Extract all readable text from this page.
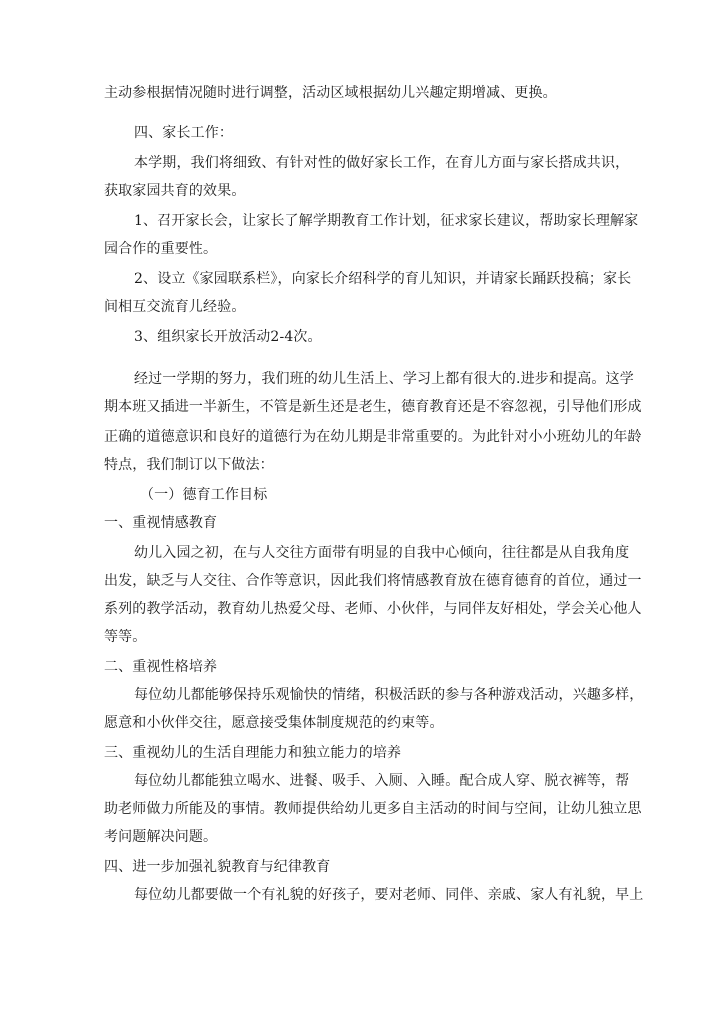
主动参根据情况随时进行调整，活动区域根据幼儿兴趣定期增减、更换。
四、家长工作：
本学期，我们将细致、有针对性的做好家长工作，在育儿方面与家长搭成共识，
获取家园共育的效果。
1、召开家长会，让家长了解学期教育工作计划，征求家长建议，帮助家长理解家
园合作的重要性。
2、设立《家园联系栏》，向家长介绍科学的育儿知识，并请家长踊跃投稿；家长
间相互交流育儿经验。
3、组织家长开放活动2-4次。
经过一学期的努力，我们班的幼儿生活上、学习上都有很大的.进步和提高。这学
期本班又插进一半新生，不管是新生还是老生，德育教育还是不容忽视，引导他们形成
正确的道德意识和良好的道德行为在幼儿期是非常重要的。为此针对小小班幼儿的年龄
特点，我们制订以下做法：
（一）德育工作目标
一、重视情感教育
幼儿入园之初，在与人交往方面带有明显的自我中心倾向，往往都是从自我角度
出发，缺乏与人交往、合作等意识，因此我们将情感教育放在德育德育的首位，通过一
系列的教学活动，教育幼儿热爱父母、老师、小伙伴，与同伴友好相处，学会关心他人
等等。
二、重视性格培养
每位幼儿都能够保持乐观愉快的情绪，积极活跃的参与各种游戏活动，兴趣多样，
愿意和小伙伴交往，愿意接受集体制度规范的约束等。
三、重视幼儿的生活自理能力和独立能力的培养
每位幼儿都能独立喝水、进餐、吸手、入厕、入睡。配合成人穿、脱衣裤等，帮
助老师做力所能及的事情。教师提供给幼儿更多自主活动的时间与空间，让幼儿独立思
考问题解决问题。
四、进一步加强礼貌教育与纪律教育
每位幼儿都要做一个有礼貌的好孩子，要对老师、同伴、亲戚、家人有礼貌，早上
